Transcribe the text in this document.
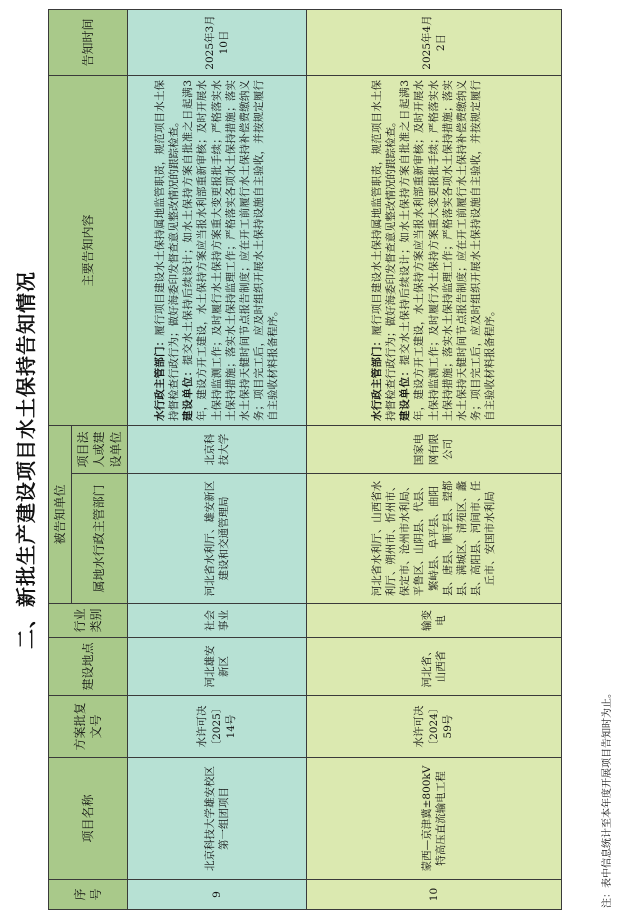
二、新批生产建设项目水土保持告知情况
序号	项目名称	方案批复文号	建设地点	行业类别	被告知单位		主要告知内容	告知时间
					属地水行政主管部门	项目法人或建设单位		
9	北京科技大学雄安校区第一组团项目	水许可决〔2025〕14号	河北雄安新区	社会事业	河北省水利厅、雄安新区建设和交通管理局	北京科技大学	水行政主管部门：履行项目建设水土保持属地监管职责，规范项目水土保持督检查行政行为；做好海委印发督查意见整改情况的跟踪检查。 建设单位：提交水土保持后续设计；如水土保持方案自批准之日起满3年，建设方开工建设，水土保持方案应当报水利部重新审核；及时开展水土保持监测工作；及时履行水土保持方案重大变更报批手续；严格落实水土保持措施；落实水土保持监理工作；严格落实各项水土保持措施；落实水土保持天健时间节点报告制度；应在开工前履行水土保持补偿费缴纳义务；项目完工后，应及时组织开展水土保持设施自主验收，并按规定履行自主验收材料报备程序。	2025年3月10日
10	蒙西—京津冀±800kV特高压直流输电工程	水许可决〔2024〕59号	河北省、山西省	输变电	河北省水利厅、山西省水利厅、朔州市、忻州市、保定市、沧州市水利局、平鲁区、山阴县、代县、繁峙县、阜平县、曲阳县、唐县、顺平县、望都县、满城区、清苑区、蠡县、高阳县、河间市、任丘市、安国市水利局	国家电网有限公司	水行政主管部门：履行项目建设水土保持属地监管职责，规范项目水土保持督检查行政行为；做好海委印发督查意见整改情况的跟踪检查。 建设单位：提交水土保持后续设计；如水土保持方案自批准之日起满3年，建设方开工建设，水土保持方案应当报水利部重新审核；及时开展水土保持监测工作；及时履行水土保持方案重大变更报批手续；严格落实水土保持措施；落实水土保持监理工作；严格落实各项水土保持措施；落实水土保持天健时间节点报告制度；应在开工前履行水土保持补偿费缴纳义务；项目完工后，应及时组织开展水土保持设施自主验收，并按规定履行自主验收材料报备程序。	2025年4月2日
注：表中信息统计至本年度开展项目告知时为止。
